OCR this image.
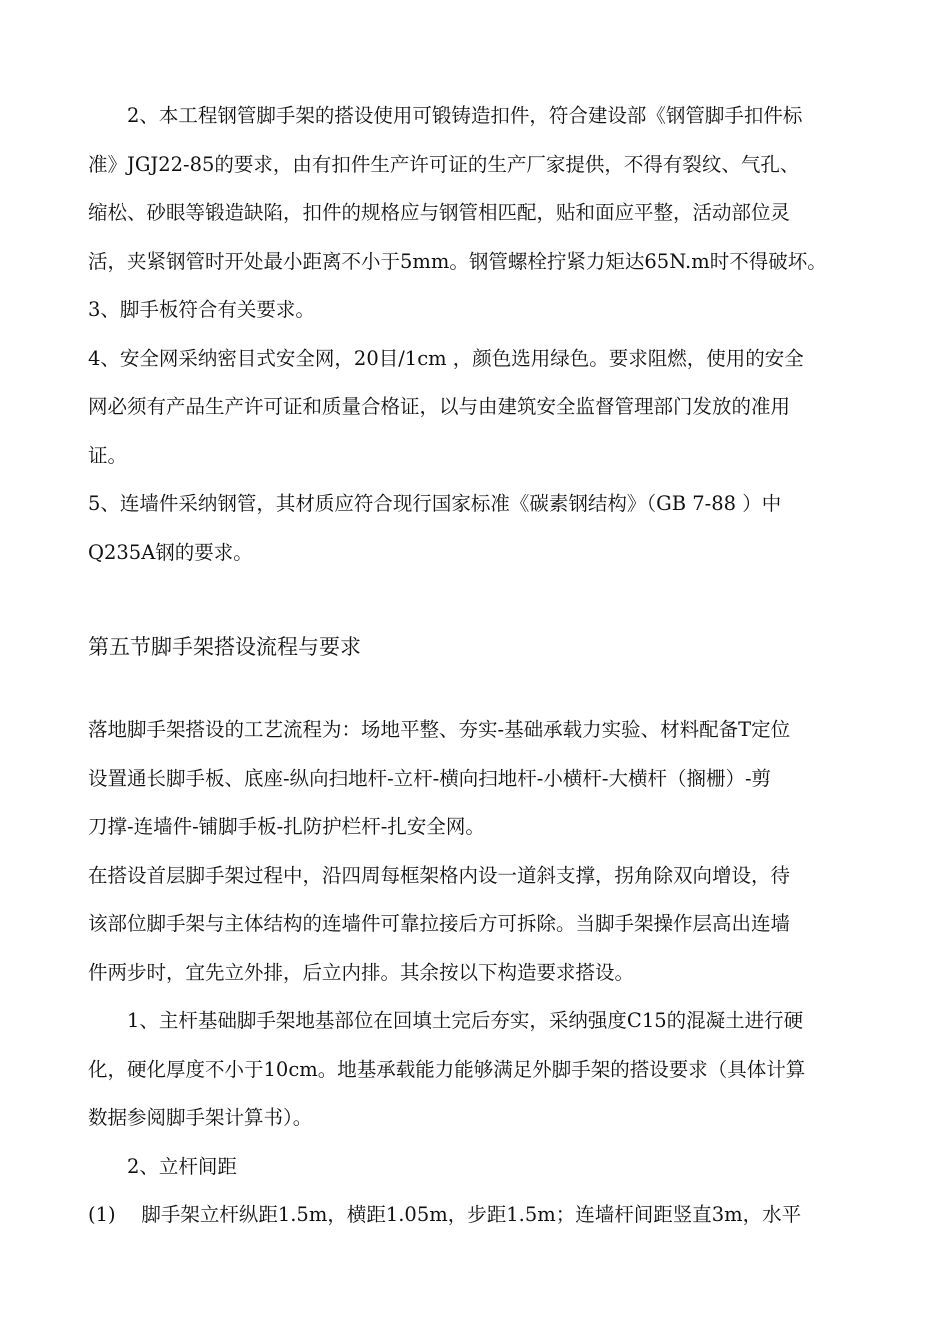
　　2、本工程钢管脚手架的搭设使用可锻铸造扣件，符合建设部《钢管脚手扣件标
准》JGJ22-85的要求，由有扣件生产许可证的生产厂家提供，不得有裂纹、气孔、
缩松、砂眼等锻造缺陷，扣件的规格应与钢管相匹配，贴和面应平整，活动部位灵
活，夹紧钢管时开处最小距离不小于5mm。钢管螺栓拧紧力矩达65N.m时不得破坏。
3、脚手板符合有关要求。
4、安全网采纳密目式安全网，20目/1cm ，颜色选用绿色。要求阻燃，使用的安全
网必须有产品生产许可证和质量合格证，以与由建筑安全监督管理部门发放的准用
证。
5、连墙件采纳钢管，其材质应符合现行国家标准《碳素钢结构》（GB 7-88 ）中
Q235A钢的要求。
第五节脚手架搭设流程与要求
落地脚手架搭设的工艺流程为：场地平整、夯实-基础承载力实验、材料配备T定位
设置通长脚手板、底座-纵向扫地杆-立杆-横向扫地杆-小横杆-大横杆（搁栅）-剪
刀撑-连墙件-铺脚手板-扎防护栏杆-扎安全网。
在搭设首层脚手架过程中，沿四周每框架格内设一道斜支撑，拐角除双向增设，待
该部位脚手架与主体结构的连墙件可靠拉接后方可拆除。当脚手架操作层高出连墙
件两步时，宜先立外排，后立内排。其余按以下构造要求搭设。
　　1、主杆基础脚手架地基部位在回填土完后夯实，采纳强度C15的混凝土进行硬
化，硬化厚度不小于10cm。地基承载能力能够满足外脚手架的搭设要求（具体计算
数据参阅脚手架计算书）。
　　2、立杆间距
(1)　 脚手架立杆纵距1.5m，横距1.05m，步距1.5m；连墙杆间距竖直3m，水平
